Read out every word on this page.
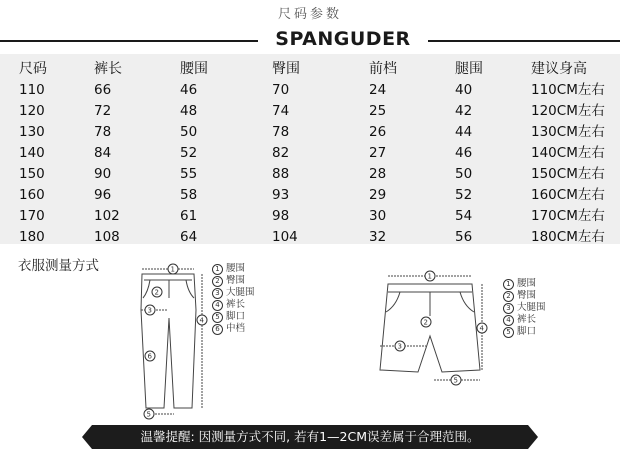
尺码参数
SPANGUDER
尺码	裤长	腰围	臀围	前档	腿围	建议身高
110	66	46	70	24	40	110CM左右
120	72	48	74	25	42	120CM左右
130	78	50	78	26	44	130CM左右
140	84	52	82	27	46	140CM左右
150	90	55	88	28	50	150CM左右
160	96	58	93	29	52	160CM左右
170	102	61	98	30	54	170CM左右
180	108	64	104	32	56	180CM左右
衣服测量方式	1
2
3
4
5
6
1 腰围
2 臀围
3 大腿围
4 裤长
5 脚口
6 中档
1
2
3
4
5
1 腰围
2 臀围
3 大腿围
4 裤长
5 脚口
温馨提醒: 因测量方式不同, 若有1—2CM误差属于合理范围。
